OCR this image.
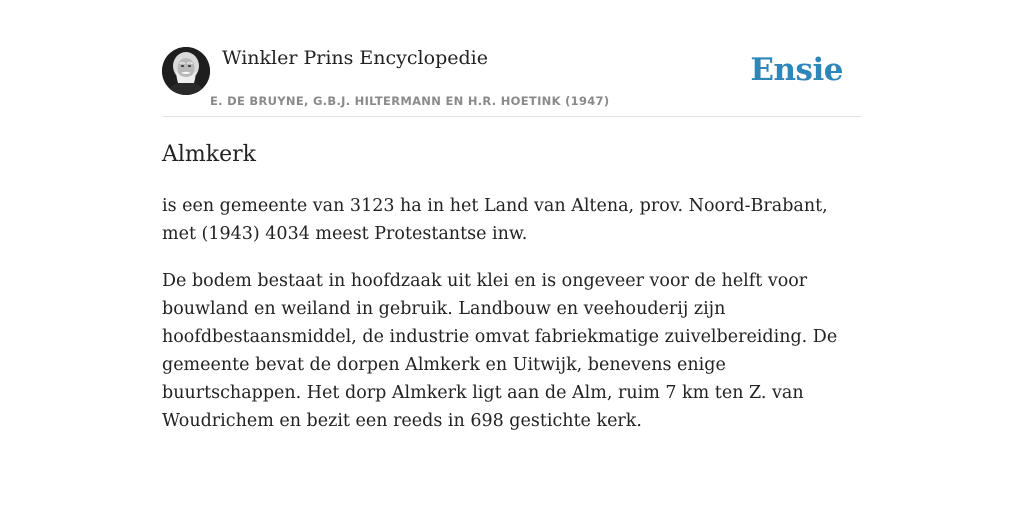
Winkler Prins Encyclopedie
E. DE BRUYNE, G.B.J. HILTERMANN EN H.R. HOETINK (1947)
Ensie
Almkerk

is een gemeente van 3123 ha in het Land van Altena, prov. Noord-Brabant, met (1943) 4034 meest Protestantse inw.

De bodem bestaat in hoofdzaak uit klei en is ongeveer voor de helft voor bouwland en weiland in gebruik. Landbouw en veehouderij zijn hoofdbestaansmiddel, de industrie omvat fabriekmatige zuivelbereiding. De gemeente bevat de dorpen Almkerk en Uitwijk, benevens enige buurtschappen. Het dorp Almkerk ligt aan de Alm, ruim 7 km ten Z. van Woudrichem en bezit een reeds in 698 gestichte kerk.
